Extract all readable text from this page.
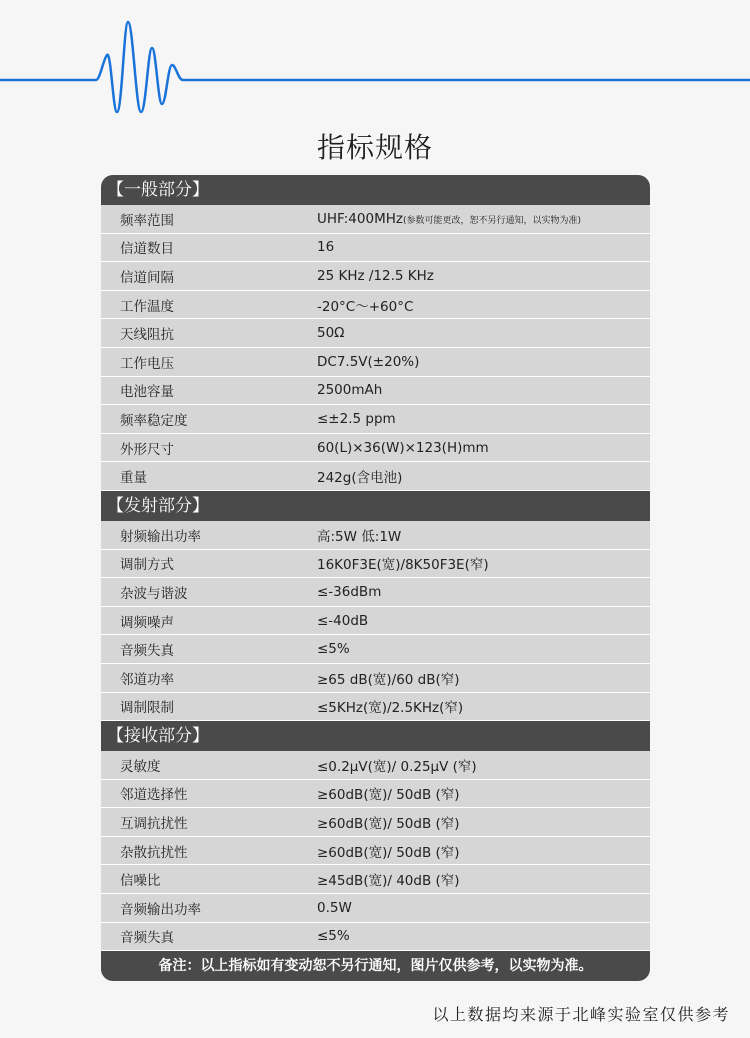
指标规格
【一般部分】
频率范围	UHF:400MHz(参数可能更改，恕不另行通知，以实物为准)
信道数目	16
信道间隔	25 KHz /12.5 KHz
工作温度	-20°C～+60°C
天线阻抗	50Ω
工作电压	DC7.5V(±20%)
电池容量	2500mAh
频率稳定度	≤±2.5 ppm
外形尺寸	60(L)×36(W)×123(H)mm
重量	242g(含电池)
【发射部分】
射频输出功率	高:5W 低:1W
调制方式	16K0F3E(宽)/8K50F3E(窄)
杂波与谐波	≤-36dBm
调频噪声	≤-40dB
音频失真	≤5%
邻道功率	≥65 dB(宽)/60 dB(窄)
调制限制	≤5KHz(宽)/2.5KHz(窄)
【接收部分】
灵敏度	≤0.2µV(宽)/ 0.25µV (窄)
邻道选择性	≥60dB(宽)/ 50dB (窄)
互调抗扰性	≥60dB(宽)/ 50dB (窄)
杂散抗扰性	≥60dB(宽)/ 50dB (窄)
信噪比	≥45dB(宽)/ 40dB (窄)
音频输出功率	0.5W
音频失真	≤5%
备注：以上指标如有变动恕不另行通知，图片仅供参考，以实物为准。
以上数据均来源于北峰实验室仅供参考
